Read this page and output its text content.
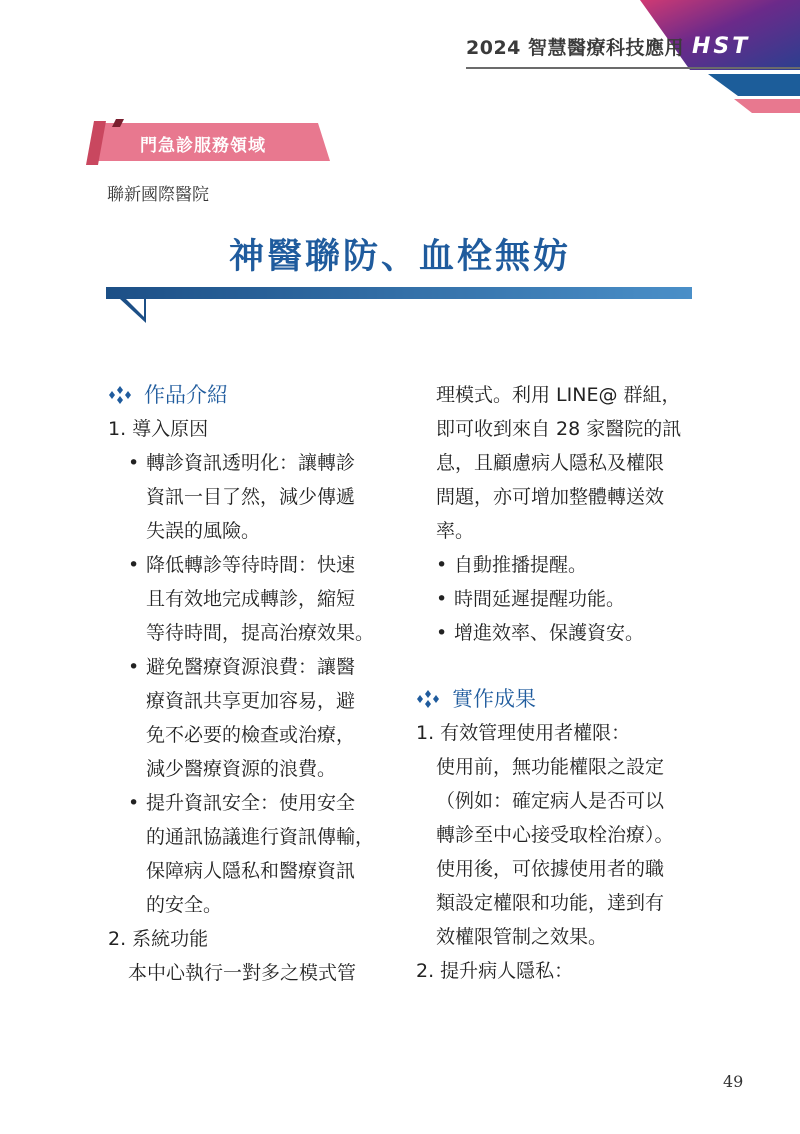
2024 智慧醫療科技應用 HST
門急診服務領域
聯新國際醫院
神醫聯防、血栓無妨
作品介紹
1. 導入原因
• 轉診資訊透明化：讓轉診
資訊一目了然，減少傳遞
失誤的風險。
• 降低轉診等待時間：快速
且有效地完成轉診，縮短
等待時間，提高治療效果。
• 避免醫療資源浪費：讓醫
療資訊共享更加容易，避
免不必要的檢查或治療，
減少醫療資源的浪費。
• 提升資訊安全：使用安全
的通訊協議進行資訊傳輸，
保障病人隱私和醫療資訊
的安全。
2. 系統功能
本中心執行一對多之模式管
理模式。利用 LINE@ 群組，
即可收到來自 28 家醫院的訊
息，且顧慮病人隱私及權限
問題，亦可增加整體轉送效
率。
• 自動推播提醒。
• 時間延遲提醒功能。
• 增進效率、保護資安。
實作成果
1. 有效管理使用者權限：
使用前，無功能權限之設定
（例如：確定病人是否可以
轉診至中心接受取栓治療）。
使用後，可依據使用者的職
類設定權限和功能，達到有
效權限管制之效果。
2. 提升病人隱私：
49
